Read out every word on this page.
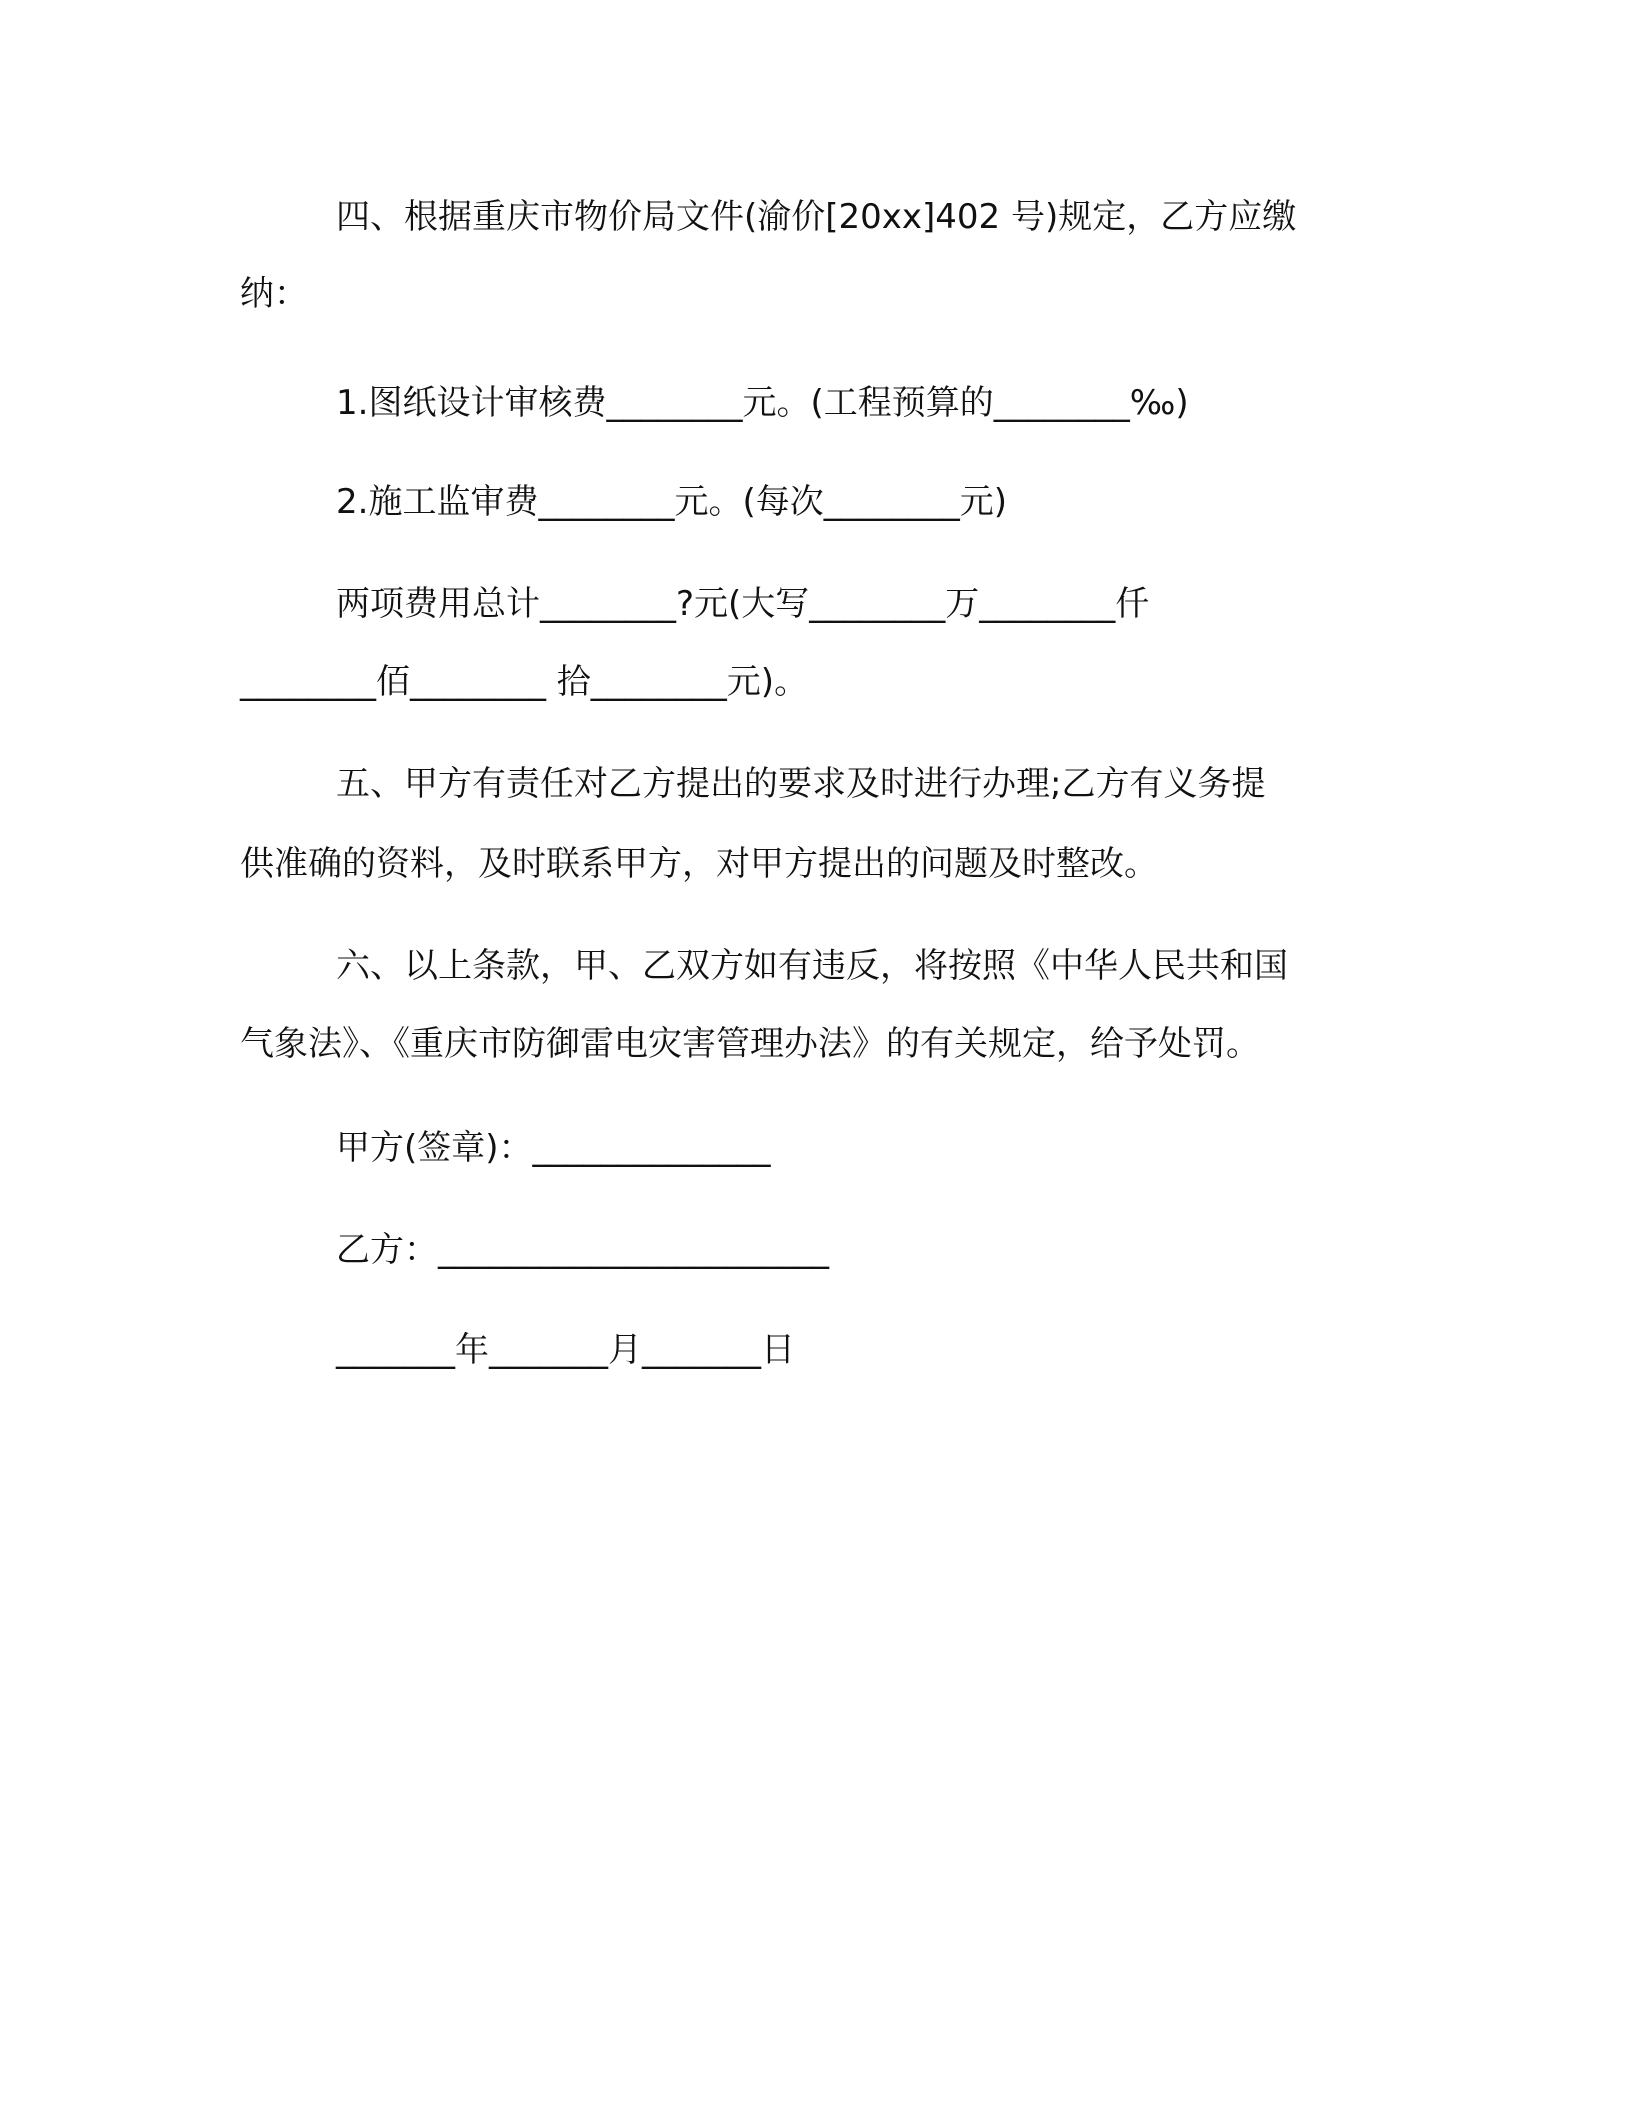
四、根据重庆市物价局文件(渝价[20xx]402 号)规定，乙方应缴
纳：
1.图纸设计审核费________元。(工程预算的________‰)
2.施工监审费________元。(每次________元)
两项费用总计________?元(大写________万________仟
________佰________ 拾________元)。
五、甲方有责任对乙方提出的要求及时进行办理;乙方有义务提
供准确的资料，及时联系甲方，对甲方提出的问题及时整改。
六、以上条款，甲、乙双方如有违反，将按照《中华人民共和国
气象法》、《重庆市防御雷电灾害管理办法》的有关规定，给予处罚。
甲方(签章)：______________
乙方：_______________________
_______年_______月_______日
